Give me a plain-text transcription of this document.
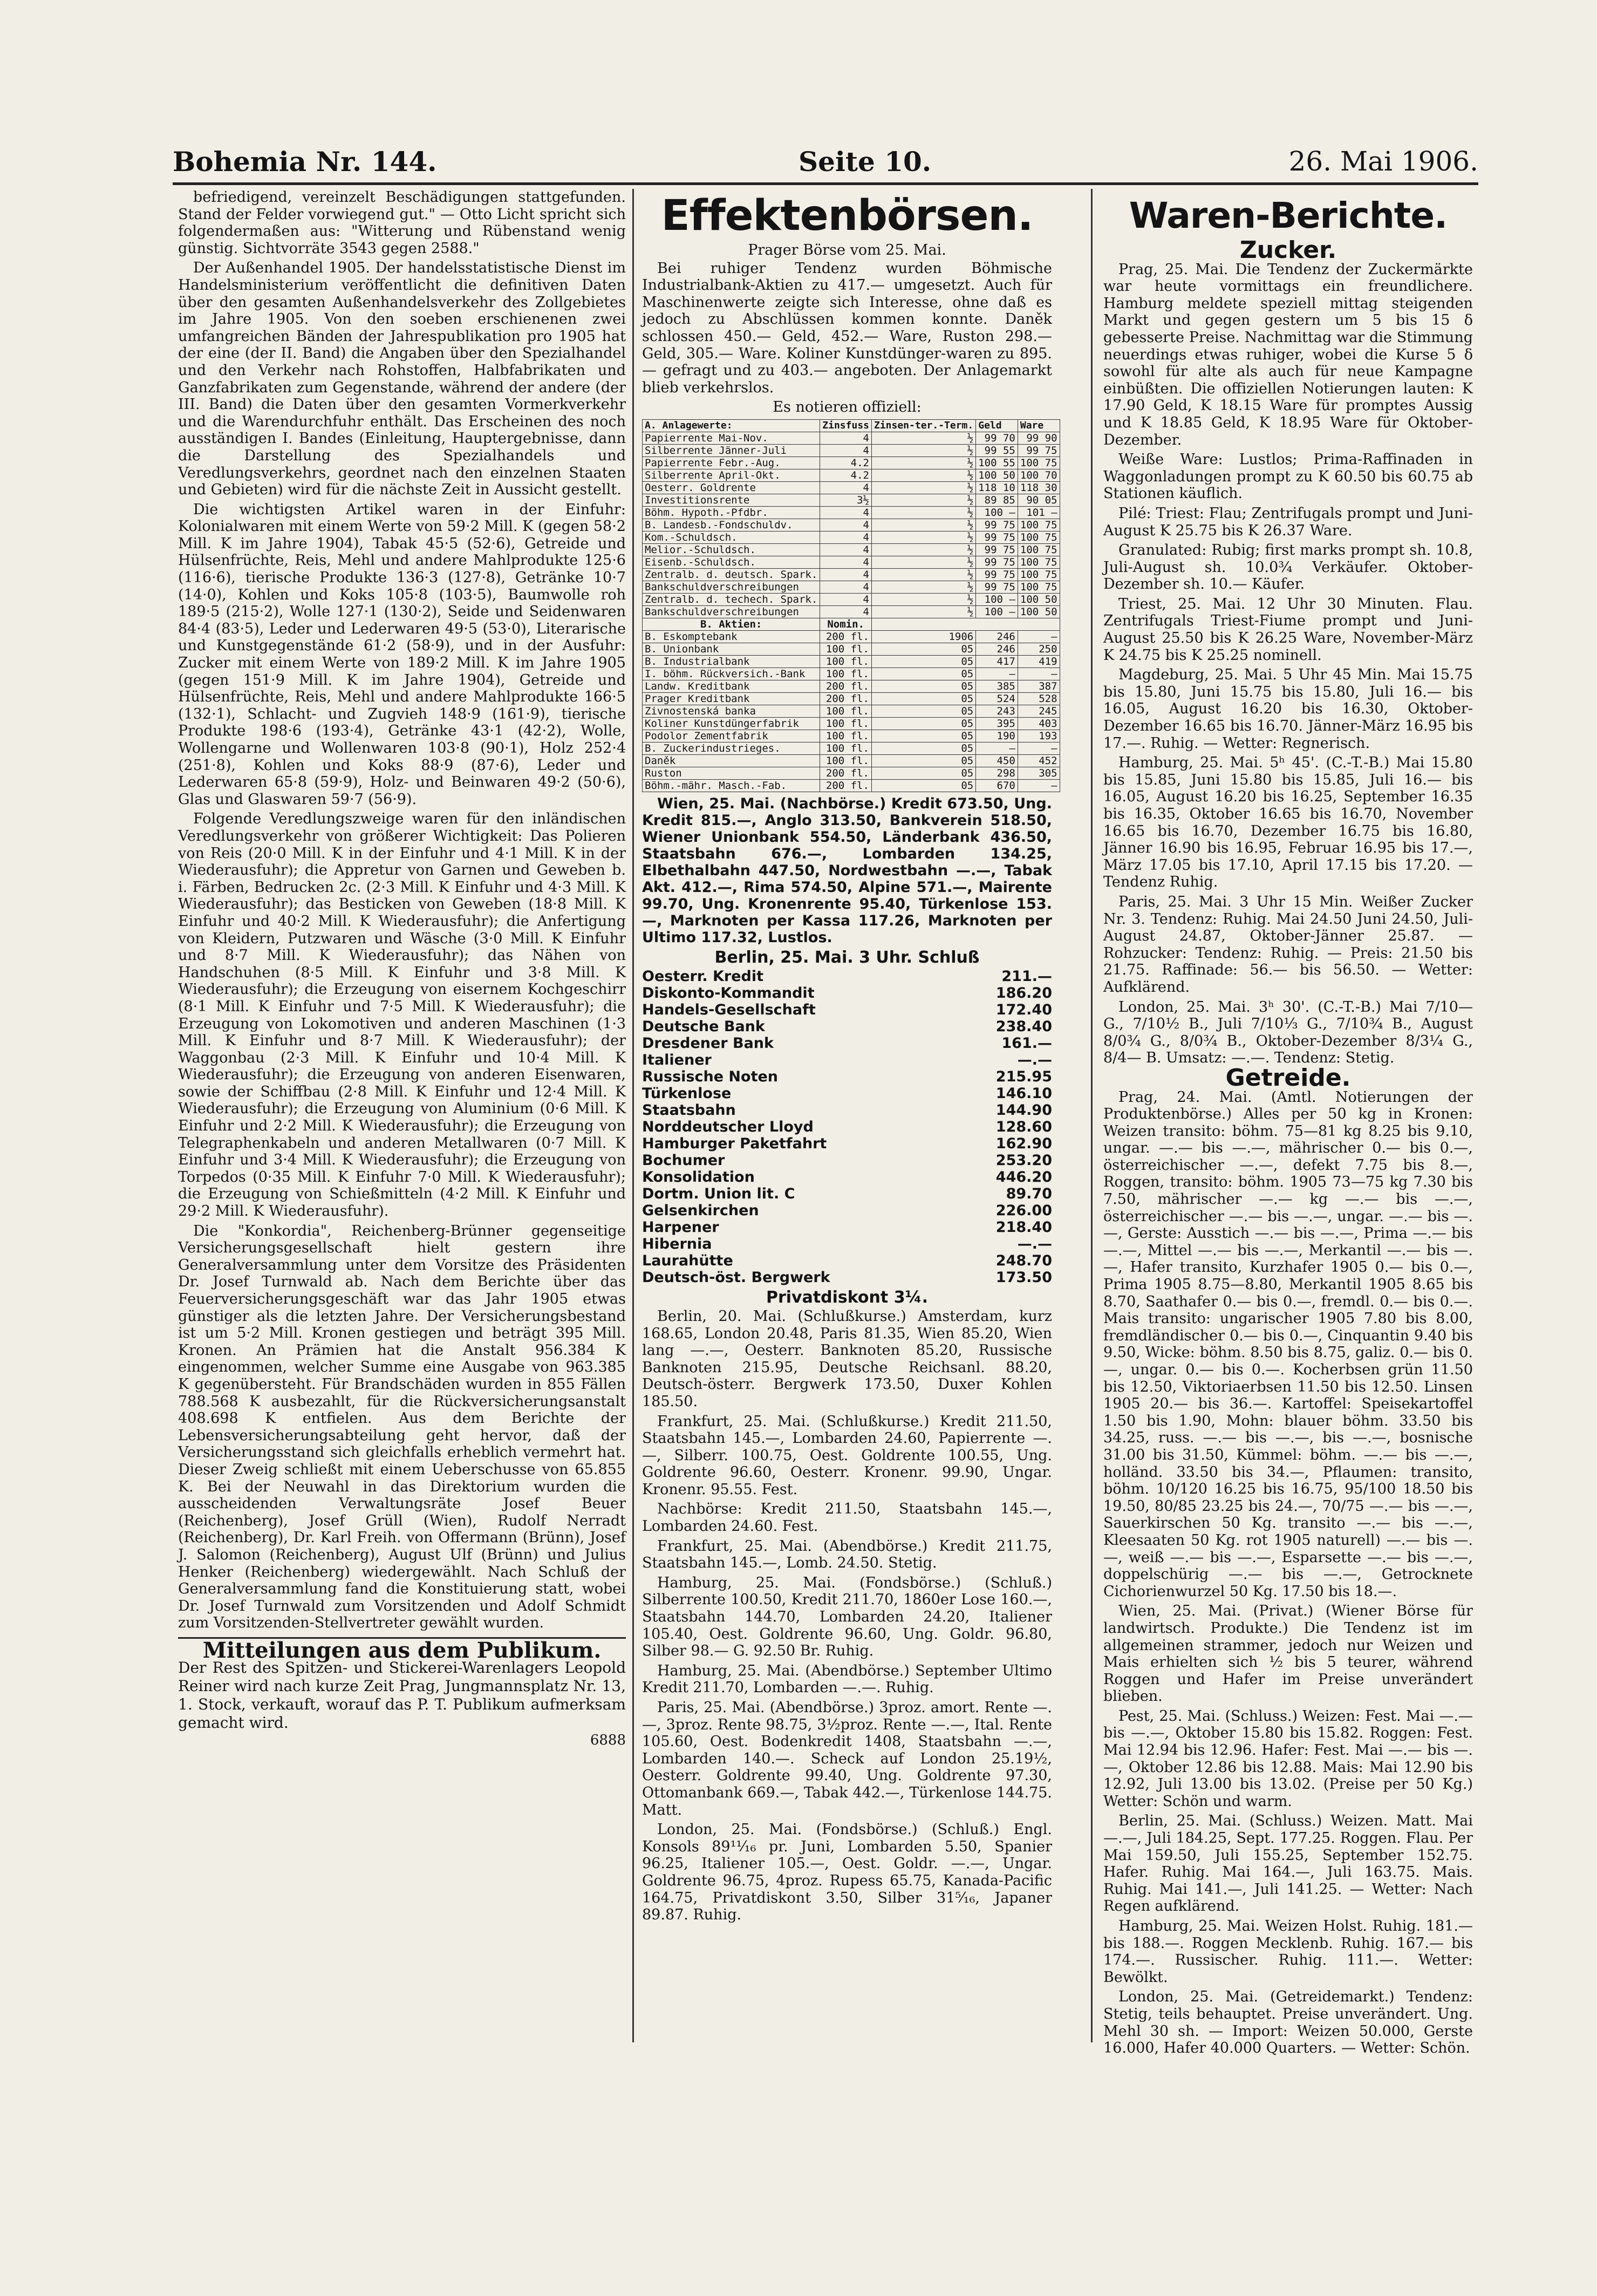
Bohemia Nr. 144.	Seite 10.	26. Mai 1906.

befriedigend, vereinzelt Beschädigungen stattgefunden. Stand der Felder vorwiegend gut." — Otto Licht spricht sich folgendermaßen aus: "Witterung und Rübenstand wenig günstig. Sichtvorräte 3543 gegen 2588."

Der Außenhandel 1905. Der handelsstatistische Dienst im Handelsministerium veröffentlicht die definitiven Daten über den gesamten Außenhandelsverkehr des Zollgebietes im Jahre 1905. Von den soeben erschienenen zwei umfangreichen Bänden der Jahrespublikation pro 1905 hat der eine (der II. Band) die Angaben über den Spezialhandel und den Verkehr nach Rohstoffen, Halbfabrikaten und Ganzfabrikaten zum Gegenstande, während der andere (der III. Band) die Daten über den gesamten Vormerkverkehr und die Warendurchfuhr enthält. Das Erscheinen des noch ausständigen I. Bandes (Einleitung, Hauptergebnisse, dann die Darstellung des Spezialhandels und Veredlungsverkehrs, geordnet nach den einzelnen Staaten und Gebieten) wird für die nächste Zeit in Aussicht gestellt.

Die wichtigsten Artikel waren in der Einfuhr: Kolonialwaren mit einem Werte von 59·2 Mill. K (gegen 58·2 Mill. K im Jahre 1904), Tabak 45·5 (52·6), Getreide und Hülsenfrüchte, Reis, Mehl und andere Mahlprodukte 125·6 (116·6), tierische Produkte 136·3 (127·8), Getränke 10·7 (14·0), Kohlen und Koks 105·8 (103·5), Baumwolle roh 189·5 (215·2), Wolle 127·1 (130·2), Seide und Seidenwaren 84·4 (83·5), Leder und Lederwaren 49·5 (53·0), Literarische und Kunstgegenstände 61·2 (58·9), und in der Ausfuhr: Zucker mit einem Werte von 189·2 Mill. K im Jahre 1905 (gegen 151·9 Mill. K im Jahre 1904), Getreide und Hülsenfrüchte, Reis, Mehl und andere Mahlprodukte 166·5 (132·1), Schlacht- und Zugvieh 148·9 (161·9), tierische Produkte 198·6 (193·4), Getränke 43·1 (42·2), Wolle, Wollengarne und Wollenwaren 103·8 (90·1), Holz 252·4 (251·8), Kohlen und Koks 88·9 (87·6), Leder und Lederwaren 65·8 (59·9), Holz- und Beinwaren 49·2 (50·6), Glas und Glaswaren 59·7 (56·9).

Folgende Veredlungszweige waren für den inländischen Veredlungsverkehr von größerer Wichtigkeit: Das Polieren von Reis (20·0 Mill. K in der Einfuhr und 4·1 Mill. K in der Wiederausfuhr); die Appretur von Garnen und Geweben b. i. Färben, Bedrucken 2c. (2·3 Mill. K Einfuhr und 4·3 Mill. K Wiederausfuhr); das Besticken von Geweben (18·8 Mill. K Einfuhr und 40·2 Mill. K Wiederausfuhr); die Anfertigung von Kleidern, Putzwaren und Wäsche (3·0 Mill. K Einfuhr und 8·7 Mill. K Wiederausfuhr); das Nähen von Handschuhen (8·5 Mill. K Einfuhr und 3·8 Mill. K Wiederausfuhr); die Erzeugung von eisernem Kochgeschirr (8·1 Mill. K Einfuhr und 7·5 Mill. K Wiederausfuhr); die Erzeugung von Lokomotiven und anderen Maschinen (1·3 Mill. K Einfuhr und 8·7 Mill. K Wiederausfuhr); der Waggonbau (2·3 Mill. K Einfuhr und 10·4 Mill. K Wiederausfuhr); die Erzeugung von anderen Eisenwaren, sowie der Schiffbau (2·8 Mill. K Einfuhr und 12·4 Mill. K Wiederausfuhr); die Erzeugung von Aluminium (0·6 Mill. K Einfuhr und 2·2 Mill. K Wiederausfuhr); die Erzeugung von Telegraphenkabeln und anderen Metallwaren (0·7 Mill. K Einfuhr und 3·4 Mill. K Wiederausfuhr); die Erzeugung von Torpedos (0·35 Mill. K Einfuhr 7·0 Mill. K Wiederausfuhr); die Erzeugung von Schießmitteln (4·2 Mill. K Einfuhr und 29·2 Mill. K Wiederausfuhr).

Die "Konkordia", Reichenberg-Brünner gegenseitige Versicherungsgesellschaft hielt gestern ihre Generalversammlung unter dem Vorsitze des Präsidenten Dr. Josef Turnwald ab. Nach dem Berichte über das Feuerversicherungsgeschäft war das Jahr 1905 etwas günstiger als die letzten Jahre. Der Versicherungsbestand ist um 5·2 Mill. Kronen gestiegen und beträgt 395 Mill. Kronen. An Prämien hat die Anstalt 956.384 K eingenommen, welcher Summe eine Ausgabe von 963.385 K gegenübersteht. Für Brandschäden wurden in 855 Fällen 788.568 K ausbezahlt, für die Rückversicherungsanstalt 408.698 K entfielen. Aus dem Berichte der Lebensversicherungsabteilung geht hervor, daß der Versicherungsstand sich gleichfalls erheblich vermehrt hat. Dieser Zweig schließt mit einem Ueberschusse von 65.855 K. Bei der Neuwahl in das Direktorium wurden die ausscheidenden Verwaltungsräte Josef Beuer (Reichenberg), Josef Grüll (Wien), Rudolf Nerradt (Reichenberg), Dr. Karl Freih. von Offermann (Brünn), Josef J. Salomon (Reichenberg), August Ulf (Brünn) und Julius Henker (Reichenberg) wiedergewählt. Nach Schluß der Generalversammlung fand die Konstituierung statt, wobei Dr. Josef Turnwald zum Vorsitzenden und Adolf Schmidt zum Vorsitzenden-Stellvertreter gewählt wurden.

Mitteilungen aus dem Publikum.
Der Rest des Spitzen- und Stickerei-Warenlagers Leopold Reiner wird nach kurze Zeit Prag, Jungmannsplatz Nr. 13, 1. Stock, verkauft, worauf das P. T. Publikum aufmerksam gemacht wird.
6888
Effektenbörsen.
Prager Börse vom 25. Mai.

Bei ruhiger Tendenz wurden Böhmische Industrialbank-Aktien zu 417.— umgesetzt. Auch für Maschinenwerte zeigte sich Interesse, ohne daß es jedoch zu Abschlüssen kommen konnte. Daněk schlossen 450.— Geld, 452.— Ware, Ruston 298.— Geld, 305.— Ware. Koliner Kunstdünger-waren zu 895.— gefragt und zu 403.— angeboten. Der Anlagemarkt blieb verkehrslos.

Es notieren offiziell:
A. Anlagewerte:	Zinsfuss	Zinsen-ter.-Term.	Geld	Ware
Papierrente Mai-Nov.	4	½	99 70	99 90
Silberrente Jänner-Juli	4	½	99 55	99 75
Papierrente Febr.-Aug.	4.2	½	100 55	100 75
Silberrente April-Okt.	4.2	½	100 50	100 70
Oesterr. Goldrente	4	½	118 10	118 30
Investitionsrente	3½	½	89 85	90 05
Böhm. Hypoth.-Pfdbr.	4	½	100 —	101 —
B. Landesb.-Fondschuldv.	4	½	99 75	100 75
Kom.-Schuldsch.	4	½	99 75	100 75
Melior.-Schuldsch.	4	½	99 75	100 75
Eisenb.-Schuldsch.	4	½	99 75	100 75
Zentralb. d. deutsch. Spark.	4	½	99 75	100 75
Bankschuldverschreibungen	4	½	99 75	100 75
Zentralb. d. techech. Spark.	4	½	100 —	100 50
Bankschuldverschreibungen	4	½	100 —	100 50
B. Aktien:	Nomin.			
B. Eskomptebank	200 fl.	1906	246	—
B. Unionbank	100 fl.	05	246	250
B. Industrialbank	100 fl.	05	417	419
I. böhm. Rückversich.-Bank	100 fl.	05	—	—
Landw. Kreditbank	200 fl.	05	385	387
Prager Kreditbank	200 fl.	05	524	528
Zivnostenská banka	100 fl.	05	243	245
Koliner Kunstdüngerfabrik	100 fl.	05	395	403
Podolor Zementfabrik	100 fl.	05	190	193
B. Zuckerindustrieges.	100 fl.	05	—	—
Daněk	100 fl.	05	450	452
Ruston	200 fl.	05	298	305
Böhm.-mähr. Masch.-Fab.	200 fl.	05	670	—

Wien, 25. Mai. (Nachbörse.) Kredit 673.50, Ung. Kredit 815.—, Anglo 313.50, Bankverein 518.50, Wiener Unionbank 554.50, Länderbank 436.50, Staatsbahn 676.—, Lombarden 134.25, Elbethalbahn 447.50, Nordwestbahn —.—, Tabak Akt. 412.—, Rima 574.50, Alpine 571.—, Mairente 99.70, Ung. Kronenrente 95.40, Türkenlose 153.—, Marknoten per Kassa 117.26, Marknoten per Ultimo 117.32, Lustlos.

Berlin, 25. Mai. 3 Uhr. Schluß
Oesterr. Kredit	211.—
Diskonto-Kommandit	186.20
Handels-Gesellschaft	172.40
Deutsche Bank	238.40
Dresdener Bank	161.—
Italiener	—.—
Russische Noten	215.95
Türkenlose	146.10
Staatsbahn	144.90
Norddeutscher Lloyd	128.60
Hamburger Paketfahrt	162.90
Bochumer	253.20
Konsolidation	446.20
Dortm. Union lit. C	89.70
Gelsenkirchen	226.00
Harpener	218.40
Hibernia	—.—
Laurahütte	248.70
Deutsch-öst. Bergwerk	173.50
Privatdiskont 3¼.

Berlin, 20. Mai. (Schlußkurse.) Amsterdam, kurz 168.65, London 20.48, Paris 81.35, Wien 85.20, Wien lang —.—, Oesterr. Banknoten 85.20, Russische Banknoten 215.95, Deutsche Reichsanl. 88.20, Deutsch-österr. Bergwerk 173.50, Duxer Kohlen 185.50.

Frankfurt, 25. Mai. (Schlußkurse.) Kredit 211.50, Staatsbahn 145.—, Lombarden 24.60, Papierrente —.—, Silberr. 100.75, Oest. Goldrente 100.55, Ung. Goldrente 96.60, Oesterr. Kronenr. 99.90, Ungar. Kronenr. 95.55. Fest.

Nachbörse: Kredit 211.50, Staatsbahn 145.—, Lombarden 24.60. Fest.

Frankfurt, 25. Mai. (Abendbörse.) Kredit 211.75, Staatsbahn 145.—, Lomb. 24.50. Stetig.

Hamburg, 25. Mai. (Fondsbörse.) (Schluß.) Silberrente 100.50, Kredit 211.70, 1860er Lose 160.—, Staatsbahn 144.70, Lombarden 24.20, Italiener 105.40, Oest. Goldrente 96.60, Ung. Goldr. 96.80, Silber 98.— G. 92.50 Br. Ruhig.

Hamburg, 25. Mai. (Abendbörse.) September Ultimo Kredit 211.70, Lombarden —.—. Ruhig.

Paris, 25. Mai. (Abendbörse.) 3proz. amort. Rente —.—, 3proz. Rente 98.75, 3½proz. Rente —.—, Ital. Rente 105.60, Oest. Bodenkredit 1408, Staatsbahn —.—, Lombarden 140.—. Scheck auf London 25.19½, Oesterr. Goldrente 99.40, Ung. Goldrente 97.30, Ottomanbank 669.—, Tabak 442.—, Türkenlose 144.75. Matt.

London, 25. Mai. (Fondsbörse.) (Schluß.) Engl. Konsols 89¹¹⁄₁₆ pr. Juni, Lombarden 5.50, Spanier 96.25, Italiener 105.—, Oest. Goldr. —.—, Ungar. Goldrente 96.75, 4proz. Rupess 65.75, Kanada-Pacific 164.75, Privatdiskont 3.50, Silber 31⁵⁄₁₆, Japaner 89.87. Ruhig.

Waren-Berichte.
Zucker.

Prag, 25. Mai. Die Tendenz der Zuckermärkte war heute vormittags ein freundlichere. Hamburg meldete speziell mittag steigenden Markt und gegen gestern um 5 bis 15 δ gebesserte Preise. Nachmittag war die Stimmung neuerdings etwas ruhiger, wobei die Kurse 5 δ sowohl für alte als auch für neue Kampagne einbüßten. Die offiziellen Notierungen lauten: K 17.90 Geld, K 18.15 Ware für promptes Aussig und K 18.85 Geld, K 18.95 Ware für Oktober-Dezember.

Weiße Ware: Lustlos; Prima-Raffinaden in Waggonladungen prompt zu K 60.50 bis 60.75 ab Stationen käuflich.

Pilé: Triest: Flau; Zentrifugals prompt und Juni-August K 25.75 bis K 26.37 Ware.

Granulated: Rubig; first marks prompt sh. 10.8, Juli-August sh. 10.0¾ Verkäufer. Oktober-Dezember sh. 10.— Käufer.

Triest, 25. Mai. 12 Uhr 30 Minuten. Flau. Zentrifugals Triest-Fiume prompt und Juni-August 25.50 bis K 26.25 Ware, November-März K 24.75 bis K 25.25 nominell.

Magdeburg, 25. Mai. 5 Uhr 45 Min. Mai 15.75 bis 15.80, Juni 15.75 bis 15.80, Juli 16.— bis 16.05, August 16.20 bis 16.30, Oktober-Dezember 16.65 bis 16.70. Jänner-März 16.95 bis 17.—. Ruhig. — Wetter: Regnerisch.

Hamburg, 25. Mai. 5ʰ 45'. (C.-T.-B.) Mai 15.80 bis 15.85, Juni 15.80 bis 15.85, Juli 16.— bis 16.05, August 16.20 bis 16.25, September 16.35 bis 16.35, Oktober 16.65 bis 16.70, November 16.65 bis 16.70, Dezember 16.75 bis 16.80, Jänner 16.90 bis 16.95, Februar 16.95 bis 17.—, März 17.05 bis 17.10, April 17.15 bis 17.20. — Tendenz Ruhig.

Paris, 25. Mai. 3 Uhr 15 Min. Weißer Zucker Nr. 3. Tendenz: Ruhig. Mai 24.50 Juni 24.50, Juli-August 24.87, Oktober-Jänner 25.87. — Rohzucker: Tendenz: Ruhig. — Preis: 21.50 bis 21.75. Raffinade: 56.— bis 56.50. — Wetter: Aufklärend.

London, 25. Mai. 3ʰ 30'. (C.-T.-B.) Mai 7/10— G., 7/10½ B., Juli 7/10⅓ G., 7/10¾ B., August 8/0¾ G., 8/0¾ B., Oktober-Dezember 8/3¼ G., 8/4— B. Umsatz: —.—. Tendenz: Stetig.

Getreide.

Prag, 24. Mai. (Amtl. Notierungen der Produktenbörse.) Alles per 50 kg in Kronen: Weizen transito: böhm. 75—81 kg 8.25 bis 9.10, ungar. —.— bis —.—, mährischer 0.— bis 0.—, österreichischer —.—, defekt 7.75 bis 8.—, Roggen, transito: böhm. 1905 73—75 kg 7.30 bis 7.50, mährischer —.— kg —.— bis —.—, österreichischer —.— bis —.—, ungar. —.— bis —.—, Gerste: Ausstich —.— bis —.—, Prima —.— bis —.—, Mittel —.— bis —.—, Merkantil —.— bis —.—, Hafer transito, Kurzhafer 1905 0.— bis 0.—, Prima 1905 8.75—8.80, Merkantil 1905 8.65 bis 8.70, Saathafer 0.— bis 0.—, fremdl. 0.— bis 0.—. Mais transito: ungarischer 1905 7.80 bis 8.00, fremdländischer 0.— bis 0.—, Cinquantin 9.40 bis 9.50, Wicke: böhm. 8.50 bis 8.75, galiz. 0.— bis 0.—, ungar. 0.— bis 0.—. Kocherbsen grün 11.50 bis 12.50, Viktoriaerbsen 11.50 bis 12.50. Linsen 1905 20.— bis 36.—. Kartoffel: Speisekartoffel 1.50 bis 1.90, Mohn: blauer böhm. 33.50 bis 34.25, russ. —.— bis —.—, bis —.—, bosnische 31.00 bis 31.50, Kümmel: böhm. —.— bis —.—, holländ. 33.50 bis 34.—, Pflaumen: transito, böhm. 10/120 16.25 bis 16.75, 95/100 18.50 bis 19.50, 80/85 23.25 bis 24.—, 70/75 —.— bis —.—, Sauerkirschen 50 Kg. transito —.— bis —.—, Kleesaaten 50 Kg. rot 1905 naturell) —.— bis —.—, weiß —.— bis —.—, Esparsette —.— bis —.—, doppelschürig —.— bis —.—, Getrocknete Cichorienwurzel 50 Kg. 17.50 bis 18.—.

Wien, 25. Mai. (Privat.) (Wiener Börse für landwirtsch. Produkte.) Die Tendenz ist im allgemeinen strammer, jedoch nur Weizen und Mais erhielten sich ½ bis 5 teurer, während Roggen und Hafer im Preise unverändert blieben.

Pest, 25. Mai. (Schluss.) Weizen: Fest. Mai —.— bis —.—, Oktober 15.80 bis 15.82. Roggen: Fest. Mai 12.94 bis 12.96. Hafer: Fest. Mai —.— bis —.—, Oktober 12.86 bis 12.88. Mais: Mai 12.90 bis 12.92, Juli 13.00 bis 13.02. (Preise per 50 Kg.) Wetter: Schön und warm.

Berlin, 25. Mai. (Schluss.) Weizen. Matt. Mai —.—, Juli 184.25, Sept. 177.25. Roggen. Flau. Per Mai 159.50, Juli 155.25, September 152.75. Hafer. Ruhig. Mai 164.—, Juli 163.75. Mais. Ruhig. Mai 141.—, Juli 141.25. — Wetter: Nach Regen aufklärend.

Hamburg, 25. Mai. Weizen Holst. Ruhig. 181.— bis 188.—. Roggen Mecklenb. Ruhig. 167.— bis 174.—. Russischer. Ruhig. 111.—. Wetter: Bewölkt.

London, 25. Mai. (Getreidemarkt.) Tendenz: Stetig, teils behauptet. Preise unverändert. Ung. Mehl 30 sh. — Import: Weizen 50.000, Gerste 16.000, Hafer 40.000 Quarters. — Wetter: Schön.
